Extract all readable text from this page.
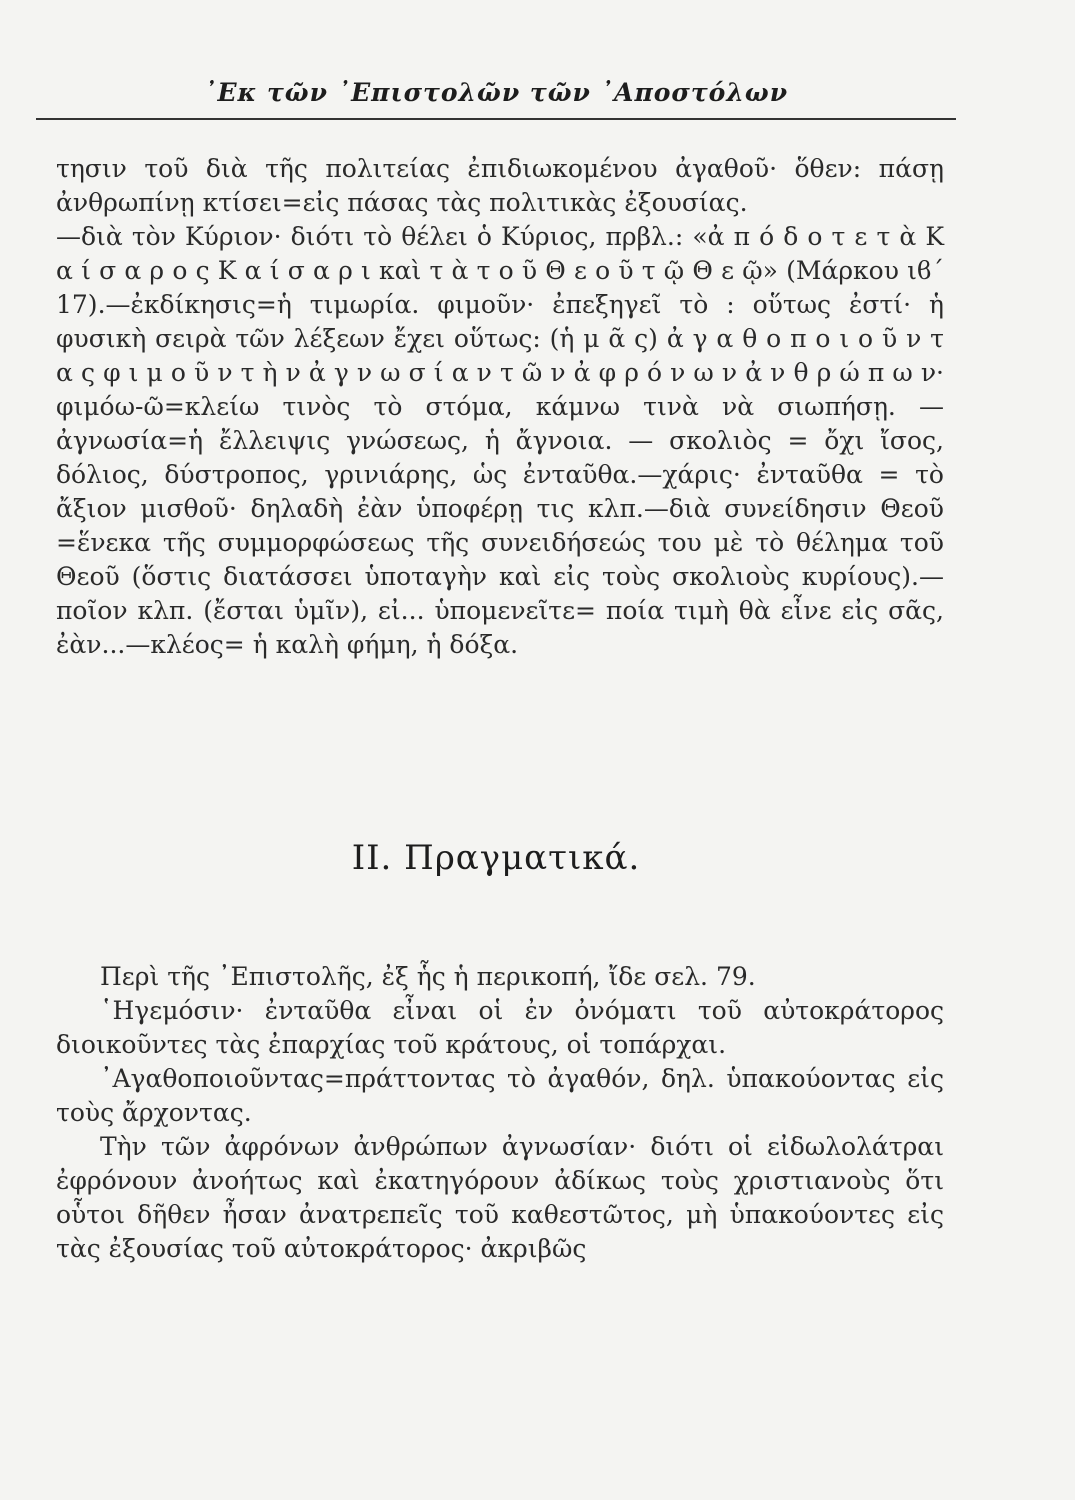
᾿Εκ τῶν ᾿Επιστολῶν τῶν ᾿Αποστόλων

τησιν τοῦ διὰ τῆς πολιτείας ἐπιδιωκομένου ἀγαθοῦ· ὅθεν: πάσῃ ἀνθρωπίνῃ κτίσει=εἰς πάσας τὰς πολιτικὰς ἐξουσίας.

—διὰ τὸν Κύριον· διότι τὸ θέλει ὁ Κύριος, πρβλ.: «ἀ π ό δ ο τ ε τ ὰ Κ α ί σ α ρ ο ς Κ α ί σ α ρ ι καὶ τ ὰ τ ο ῦ Θ ε ο ῦ τ ῷ Θ ε ῷ» (Μάρκου ιϐ΄ 17).—ἐκδίκησις=ἡ τιμωρία. φιμοῦν· ἐπεξηγεῖ τὸ : οὕτως ἐστί· ἡ φυσικὴ σειρὰ τῶν λέξεων ἔχει οὕτως: (ἡ μ ᾶ ς) ἀ γ α θ ο π ο ι ο ῦ ν τ α ς φ ι μ ο ῦ ν τ ὴ ν ἀ γ ν ω σ ί α ν τ ῶ ν ἀ φ ρ ό ν ω ν ἀ ν θ ρ ώ π ω ν· φιμόω-ῶ=κλείω τινὸς τὸ στόμα, κάμνω τινὰ νὰ σιωπήσῃ. — ἀγνωσία=ἡ ἔλλειψις γνώσεως, ἡ ἄγνοια. — σκολιὸς = ὄχι ἴσος, δόλιος, δύστροπος, γρινιάρης, ὡς ἐνταῦθα.—χάρις· ἐνταῦθα = τὸ ἄξιον μισθοῦ· δηλαδὴ ἐὰν ὑποφέρῃ τις κλπ.—διὰ συνείδησιν Θεοῦ =ἕνεκα τῆς συμμορφώσεως τῆς συνειδήσεώς του μὲ τὸ θέλημα τοῦ Θεοῦ (ὅστις διατάσσει ὑποταγὴν καὶ εἰς τοὺς σκολιοὺς κυρίους).—ποῖον κλπ. (ἔσται ὑμῖν), εἰ... ὑπομενεῖτε= ποία τιμὴ θὰ εἶνε εἰς σᾶς, ἐὰν...—κλέος= ἡ καλὴ φήμη, ἡ δόξα.

II. Πραγματικά.

Περὶ τῆς ᾿Επιστολῆς, ἐξ ἧς ἡ περικοπή, ἴδε σελ. 79.

῾Ηγεμόσιν· ἐνταῦθα εἶναι οἱ ἐν ὀνόματι τοῦ αὐτοκράτορος διοικοῦντες τὰς ἐπαρχίας τοῦ κράτους, οἱ τοπάρχαι.

᾿Αγαθοποιοῦντας=πράττοντας τὸ ἀγαθόν, δηλ. ὑπακούοντας εἰς τοὺς ἄρχοντας.

Τὴν τῶν ἀφρόνων ἀνθρώπων ἀγνωσίαν· διότι οἱ εἰδωλολάτραι ἐφρόνουν ἀνοήτως καὶ ἐκατηγόρουν ἀδίκως τοὺς χριστιανοὺς ὅτι οὗτοι δῆθεν ἦσαν ἀνατρεπεῖς τοῦ καθεστῶτος, μὴ ὑπακούοντες εἰς τὰς ἐξουσίας τοῦ αὐτοκράτορος· ἀκριβῶς
